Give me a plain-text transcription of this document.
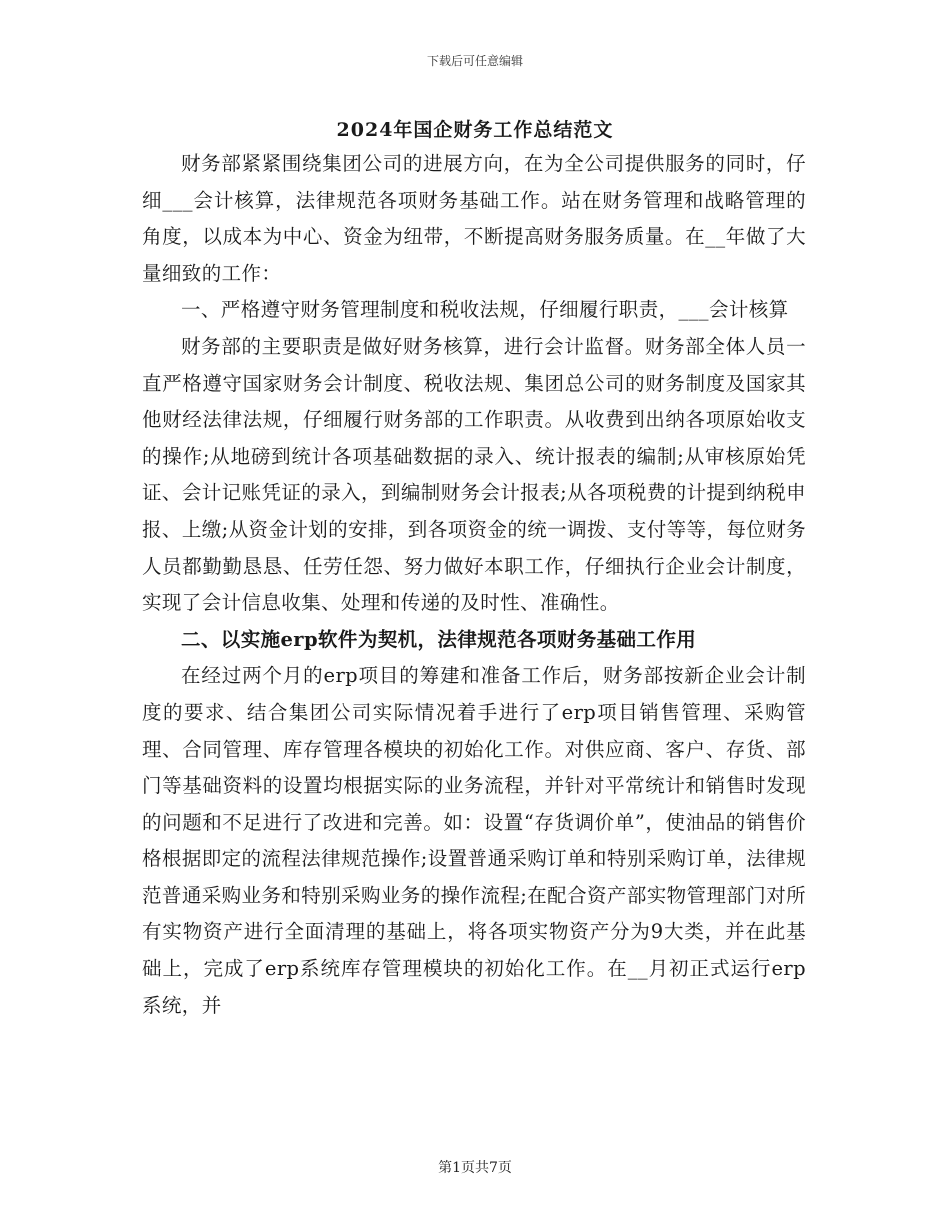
下载后可任意编辑
2024年国企财务工作总结范文

财务部紧紧围绕集团公司的进展方向，在为全公司提供服务的同时，仔细___会计核算，法律规范各项财务基础工作。站在财务管理和战略管理的角度，以成本为中心、资金为纽带，不断提高财务服务质量。在__年做了大量细致的工作：

一、严格遵守财务管理制度和税收法规，仔细履行职责，___会计核算

财务部的主要职责是做好财务核算，进行会计监督。财务部全体人员一直严格遵守国家财务会计制度、税收法规、集团总公司的财务制度及国家其他财经法律法规，仔细履行财务部的工作职责。从收费到出纳各项原始收支的操作;从地磅到统计各项基础数据的录入、统计报表的编制;从审核原始凭证、会计记账凭证的录入，到编制财务会计报表;从各项税费的计提到纳税申报、上缴;从资金计划的安排，到各项资金的统一调拨、支付等等，每位财务人员都勤勤恳恳、任劳任怨、努力做好本职工作，仔细执行企业会计制度，实现了会计信息收集、处理和传递的及时性、准确性。

二、以实施erp软件为契机，法律规范各项财务基础工作用

在经过两个月的erp项目的筹建和准备工作后，财务部按新企业会计制度的要求、结合集团公司实际情况着手进行了erp项目销售管理、采购管理、合同管理、库存管理各模块的初始化工作。对供应商、客户、存货、部门等基础资料的设置均根据实际的业务流程，并针对平常统计和销售时发现的问题和不足进行了改进和完善。如：设置“存货调价单”，使油品的销售价格根据即定的流程法律规范操作;设置普通采购订单和特别采购订单，法律规范普通采购业务和特别采购业务的操作流程;在配合资产部实物管理部门对所有实物资产进行全面清理的基础上，将各项实物资产分为9大类，并在此基础上，完成了erp系统库存管理模块的初始化工作。在__月初正式运行erp系统，并

第1页共7页
